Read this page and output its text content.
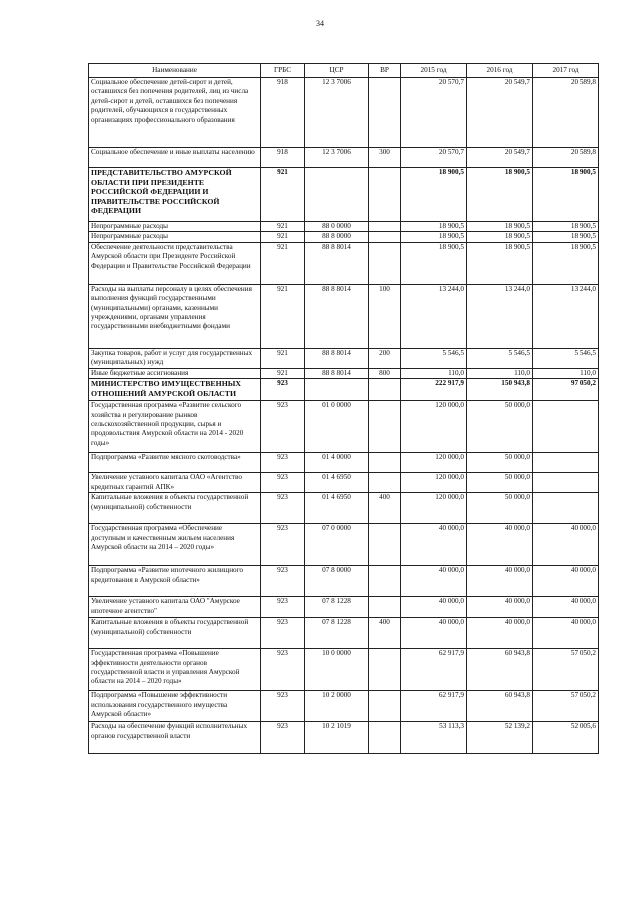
34
Наименование	ГРБС	ЦСР	ВР	2015 год	2016 год	2017 год
Социальное обеспечение детей-сирот и детей, оставшихся без попечения родителей, лиц из числа детей-сирот и детей, оставшихся без попечения родителей, обучающихся в государственных организациях профессионального образования	918	12 3 7006		20 570,7	20 549,7	20 589,8
Социальное обеспечение и иные выплаты населению	918	12 3 7006	300	20 570,7	20 549,7	20 589,8
ПРЕДСТАВИТЕЛЬСТВО АМУРСКОЙ ОБЛАСТИ ПРИ ПРЕЗИДЕНТЕ РОССИЙСКОЙ ФЕДЕРАЦИИ И ПРАВИТЕЛЬСТВЕ РОССИЙСКОЙ ФЕДЕРАЦИИ	921			18 900,5	18 900,5	18 900,5
Непрограммные расходы	921	88 0 0000		18 900,5	18 900,5	18 900,5
Непрограммные расходы	921	88 8 0000		18 900,5	18 900,5	18 900,5
Обеспечение деятельности представительства Амурской области при Президенте Российской Федерации и Правительстве Российской Федерации	921	88 8 8014		18 900,5	18 900,5	18 900,5
Расходы на выплаты персоналу в целях обеспечения выполнения функций государственными (муниципальными) органами, казенными учреждениями, органами управления государственными внебюджетными фондами	921	88 8 8014	100	13 244,0	13 244,0	13 244,0
Закупка товаров, работ и услуг для государственных (муниципальных) нужд	921	88 8 8014	200	5 546,5	5 546,5	5 546,5
Иные бюджетные ассигнования	921	88 8 8014	800	110,0	110,0	110,0
МИНИСТЕРСТВО ИМУЩЕСТВЕННЫХ ОТНОШЕНИЙ АМУРСКОЙ ОБЛАСТИ	923			222 917,9	150 943,8	97 050,2
Государственная программа «Развитие сельского хозяйства и регулирование рынков сельскохозяйственной продукции, сырья и продовольствия Амурской области на 2014 - 2020 годы»	923	01 0 0000		120 000,0	50 000,0	
Подпрограмма «Развитие мясного скотоводства»	923	01 4 0000		120 000,0	50 000,0	
Увеличение уставного капитала ОАО «Агентство кредитных гарантий АПК»	923	01 4 6950		120 000,0	50 000,0	
Капитальные вложения в объекты государственной (муниципальной) собственности	923	01 4 6950	400	120 000,0	50 000,0	
Государственная программа «Обеспечение доступным и качественным жильем населения Амурской области на 2014 – 2020 годы»	923	07 0 0000		40 000,0	40 000,0	40 000,0
Подпрограмма «Развитие ипотечного жилищного кредитования в Амурской области»	923	07 8 0000		40 000,0	40 000,0	40 000,0
Увеличение уставного капитала ОАО "Амурское ипотечное агентство"	923	07 8 1228		40 000,0	40 000,0	40 000,0
Капитальные вложения в объекты государственной (муниципальной) собственности	923	07 8 1228	400	40 000,0	40 000,0	40 000,0
Государственная программа «Повышение эффективности деятельности органов государственной власти и управления Амурской области на 2014 – 2020 годы»	923	10 0 0000		62 917,9	60 943,8	57 050,2
Подпрограмма «Повышение эффективности использования государственного имущества Амурской области»	923	10 2 0000		62 917,9	60 943,8	57 050,2
Расходы на обеспечение функций исполнительных органов государственной власти	923	10 2 1019		53 113,3	52 139,2	52 005,6
